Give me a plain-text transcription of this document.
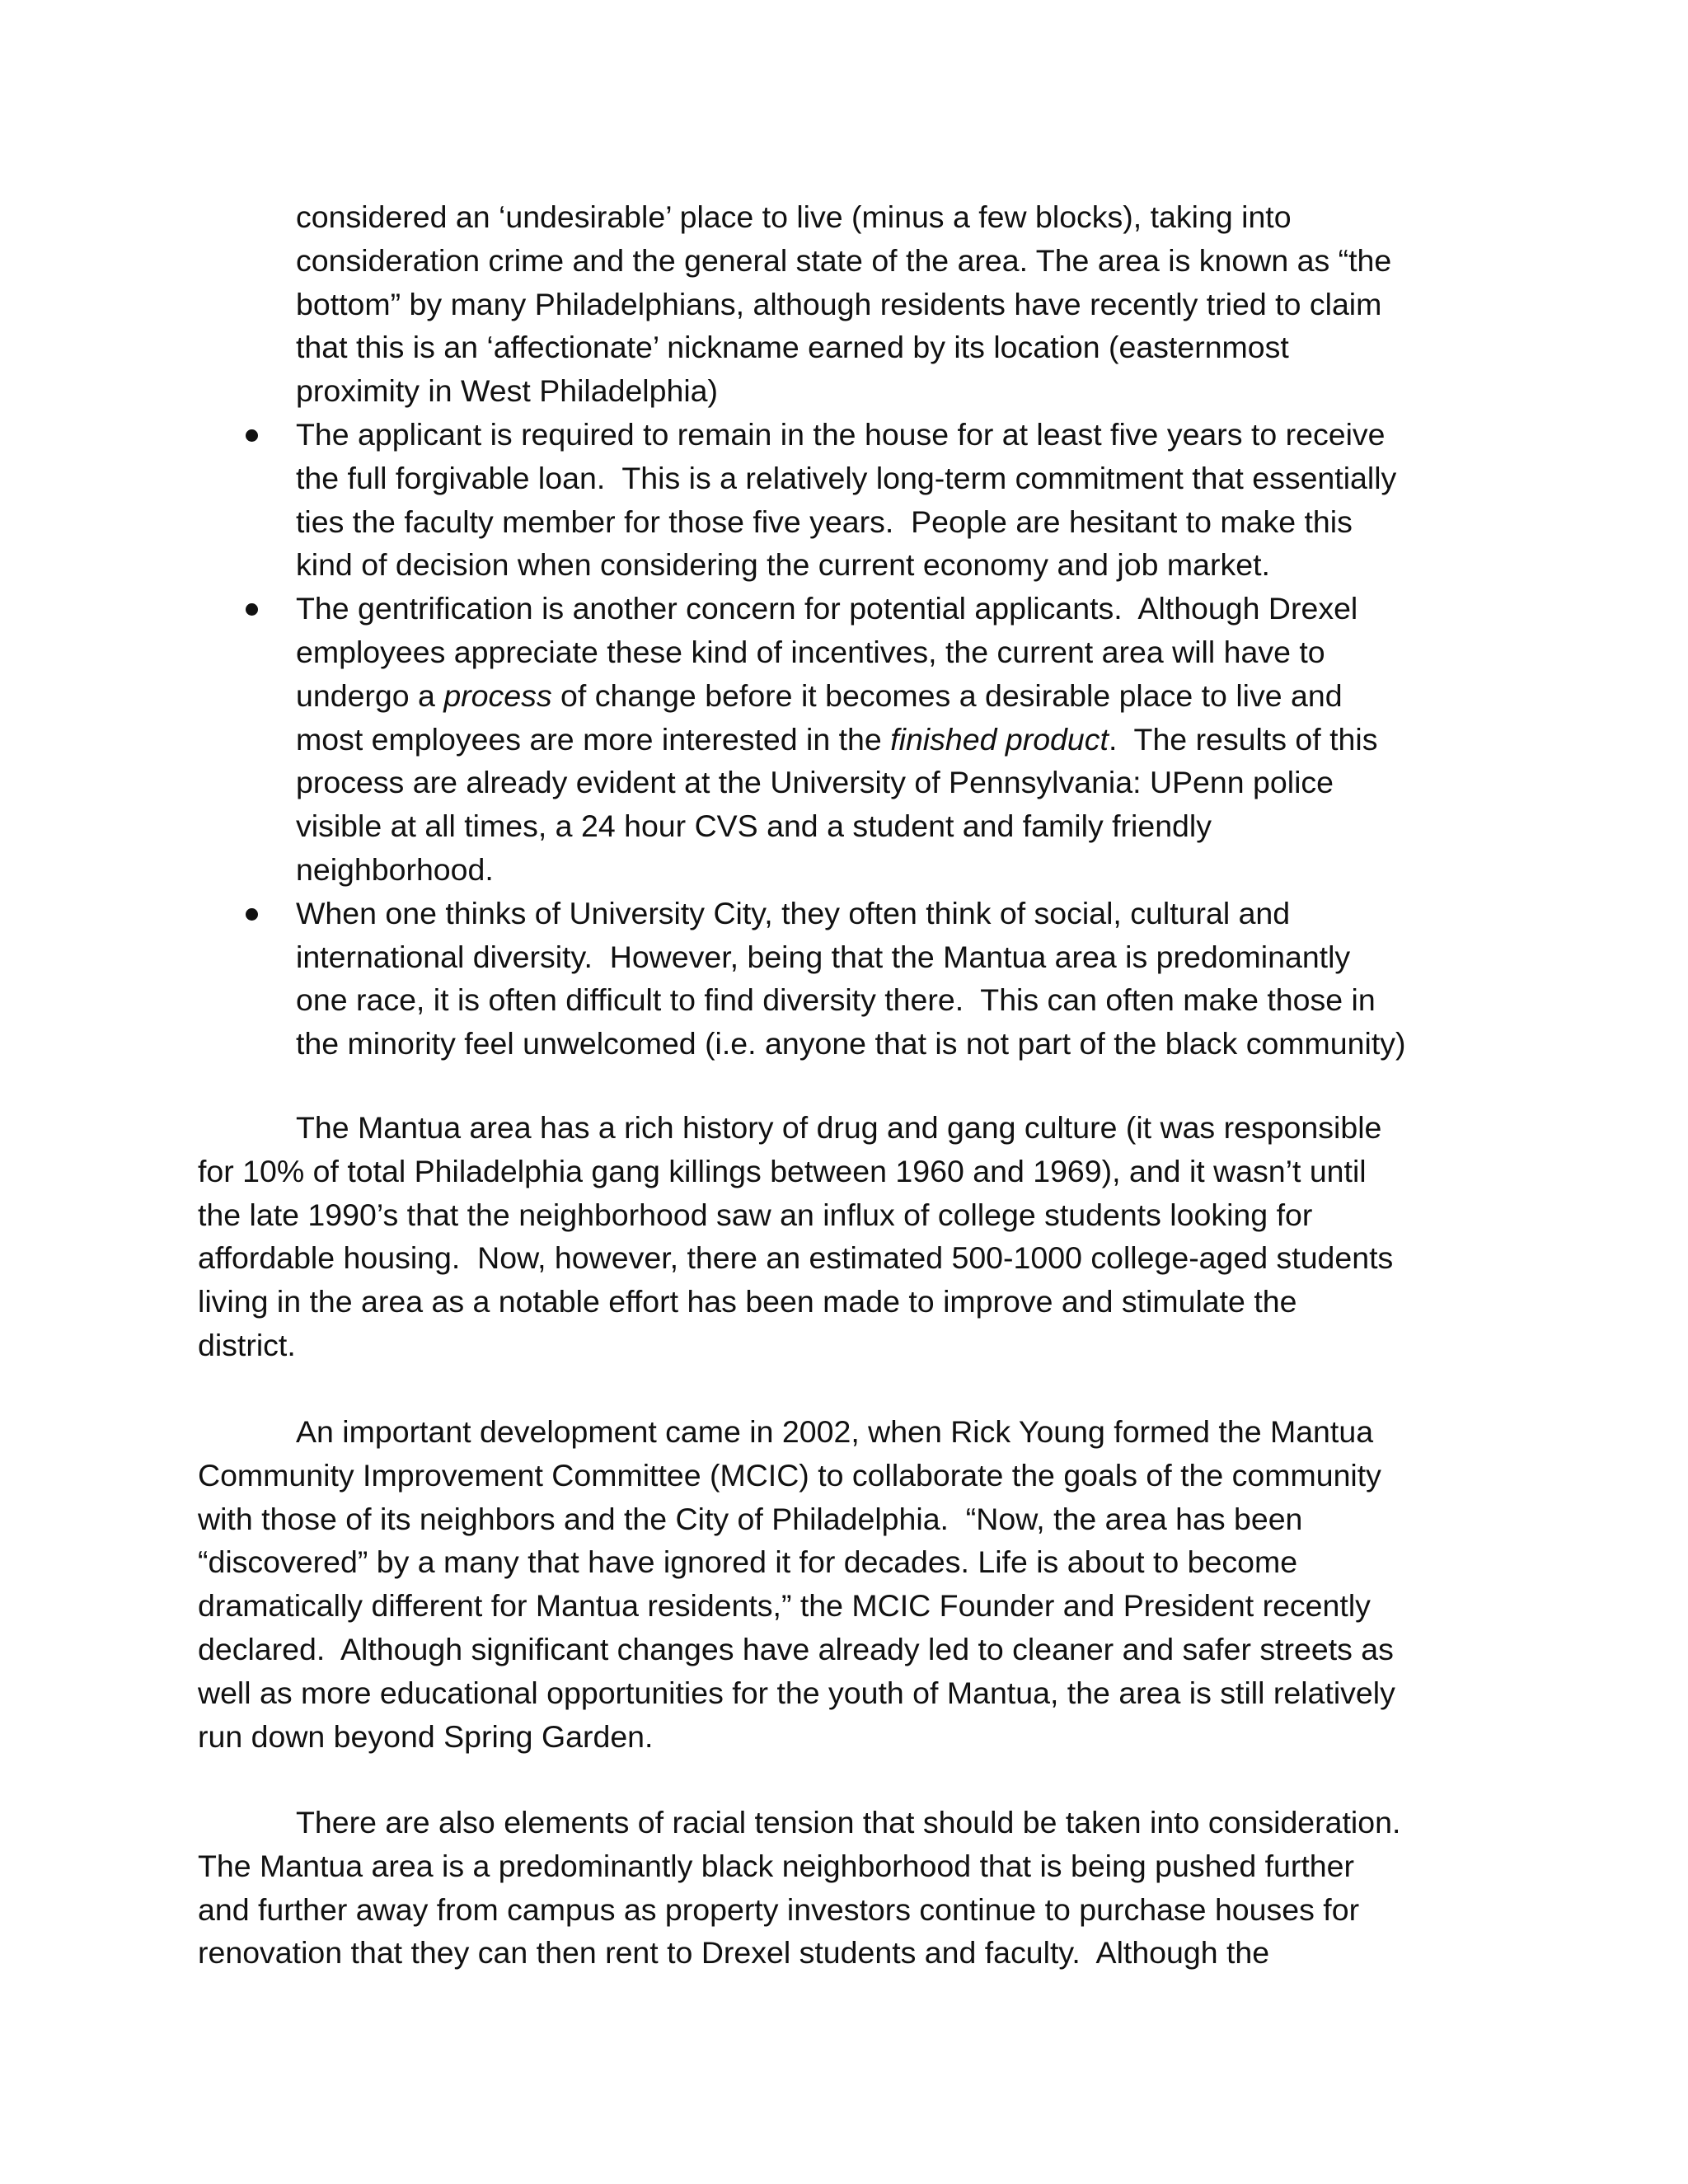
considered an ‘undesirable’ place to live (minus a few blocks), taking into
consideration crime and the general state of the area. The area is known as “the
bottom” by many Philadelphians, although residents have recently tried to claim
that this is an ‘affectionate’ nickname earned by its location (easternmost
proximity in West Philadelphia)
The applicant is required to remain in the house for at least five years to receive
the full forgivable loan.  This is a relatively long-term commitment that essentially
ties the faculty member for those five years.  People are hesitant to make this
kind of decision when considering the current economy and job market.
The gentrification is another concern for potential applicants.  Although Drexel
employees appreciate these kind of incentives, the current area will have to
undergo a process of change before it becomes a desirable place to live and
most employees are more interested in the finished product.  The results of this
process are already evident at the University of Pennsylvania: UPenn police
visible at all times, a 24 hour CVS and a student and family friendly
neighborhood.
When one thinks of University City, they often think of social, cultural and
international diversity.  However, being that the Mantua area is predominantly
one race, it is often difficult to find diversity there.  This can often make those in
the minority feel unwelcomed (i.e. anyone that is not part of the black community)
The Mantua area has a rich history of drug and gang culture (it was responsible
for 10% of total Philadelphia gang killings between 1960 and 1969), and it wasn’t until
the late 1990’s that the neighborhood saw an influx of college students looking for
affordable housing.  Now, however, there an estimated 500-1000 college-aged students
living in the area as a notable effort has been made to improve and stimulate the
district.
An important development came in 2002, when Rick Young formed the Mantua
Community Improvement Committee (MCIC) to collaborate the goals of the community
with those of its neighbors and the City of Philadelphia.  “Now, the area has been
“discovered” by a many that have ignored it for decades. Life is about to become
dramatically different for Mantua residents,” the MCIC Founder and President recently
declared.  Although significant changes have already led to cleaner and safer streets as
well as more educational opportunities for the youth of Mantua, the area is still relatively
run down beyond Spring Garden.
There are also elements of racial tension that should be taken into consideration.
The Mantua area is a predominantly black neighborhood that is being pushed further
and further away from campus as property investors continue to purchase houses for
renovation that they can then rent to Drexel students and faculty.  Although the
